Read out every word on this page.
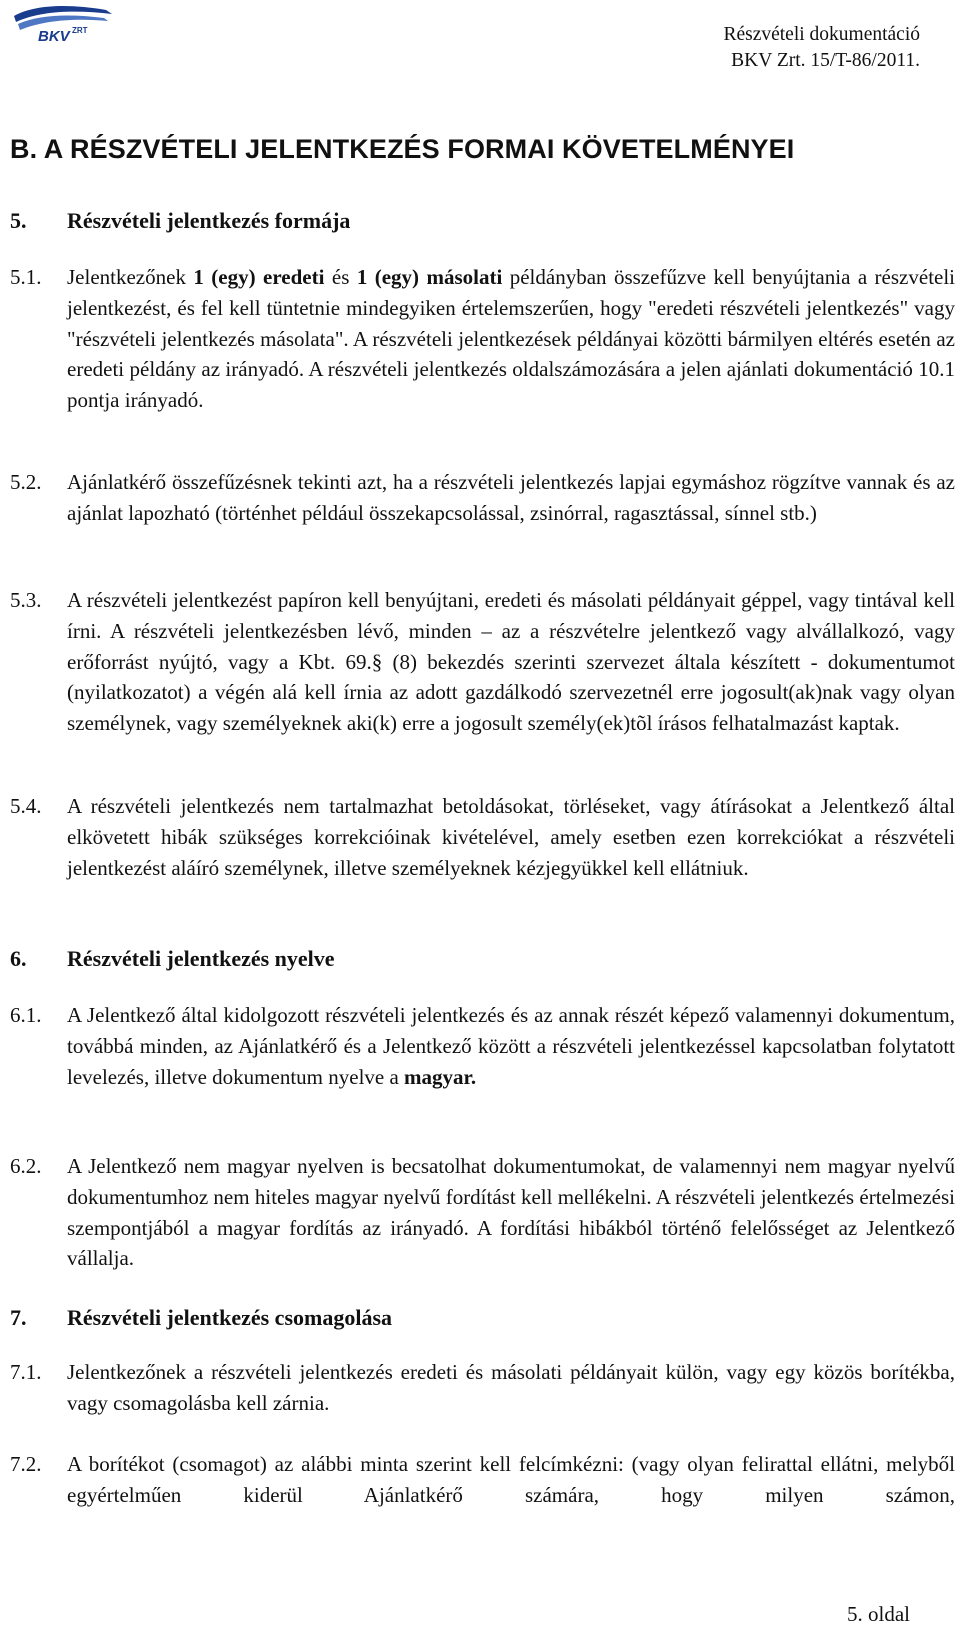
BKV ZRT	Részvételi dokumentáció
BKV Zrt. 15/T-86/2011.
B. A RÉSZVÉTELI JELENTKEZÉS FORMAI KÖVETELMÉNYEI
5. Részvételi jelentkezés formája
5.1. Jelentkezőnek 1 (egy) eredeti és 1 (egy) másolati példányban összefűzve kell benyújtania a részvételi jelentkezést, és fel kell tüntetnie mindegyiken értelemszerűen, hogy "eredeti részvételi jelentkezés" vagy "részvételi jelentkezés másolata". A részvételi jelentkezések példányai közötti bármilyen eltérés esetén az eredeti példány az irányadó. A részvételi jelentkezés oldalszámozására a jelen ajánlati dokumentáció 10.1 pontja irányadó.
5.2. Ajánlatkérő összefűzésnek tekinti azt, ha a részvételi jelentkezés lapjai egymáshoz rögzítve vannak és az ajánlat lapozható (történhet például összekapcsolással, zsinórral, ragasztással, sínnel stb.)
5.3. A részvételi jelentkezést papíron kell benyújtani, eredeti és másolati példányait géppel, vagy tintával kell írni. A részvételi jelentkezésben lévő, minden – az a részvételre jelentkező vagy alvállalkozó, vagy erőforrást nyújtó, vagy a Kbt. 69.§ (8) bekezdés szerinti szervezet általa készített - dokumentumot (nyilatkozatot) a végén alá kell írnia az adott gazdálkodó szervezetnél erre jogosult(ak)nak vagy olyan személynek, vagy személyeknek aki(k) erre a jogosult személy(ek)tõl írásos felhatalmazást kaptak.
5.4. A részvételi jelentkezés nem tartalmazhat betoldásokat, törléseket, vagy átírásokat a Jelentkező által elkövetett hibák szükséges korrekcióinak kivételével, amely esetben ezen korrekciókat a részvételi jelentkezést aláíró személynek, illetve személyeknek kézjegyükkel kell ellátniuk.
6. Részvételi jelentkezés nyelve
6.1. A Jelentkező által kidolgozott részvételi jelentkezés és az annak részét képező valamennyi dokumentum, továbbá minden, az Ajánlatkérő és a Jelentkező között a részvételi jelentkezéssel kapcsolatban folytatott levelezés, illetve dokumentum nyelve a magyar.
6.2. A Jelentkező nem magyar nyelven is becsatolhat dokumentumokat, de valamennyi nem magyar nyelvű dokumentumhoz nem hiteles magyar nyelvű fordítást kell mellékelni. A részvételi jelentkezés értelmezési szempontjából a magyar fordítás az irányadó. A fordítási hibákból történő felelősséget az Jelentkező vállalja.
7. Részvételi jelentkezés csomagolása
7.1. Jelentkezőnek a részvételi jelentkezés eredeti és másolati példányait külön, vagy egy közös borítékba, vagy csomagolásba kell zárnia.
7.2. A borítékot (csomagot) az alábbi minta szerint kell felcímkézni: (vagy olyan felirattal ellátni, melyből egyértelműen kiderül Ajánlatkérő számára, hogy milyen számon,
5. oldal
